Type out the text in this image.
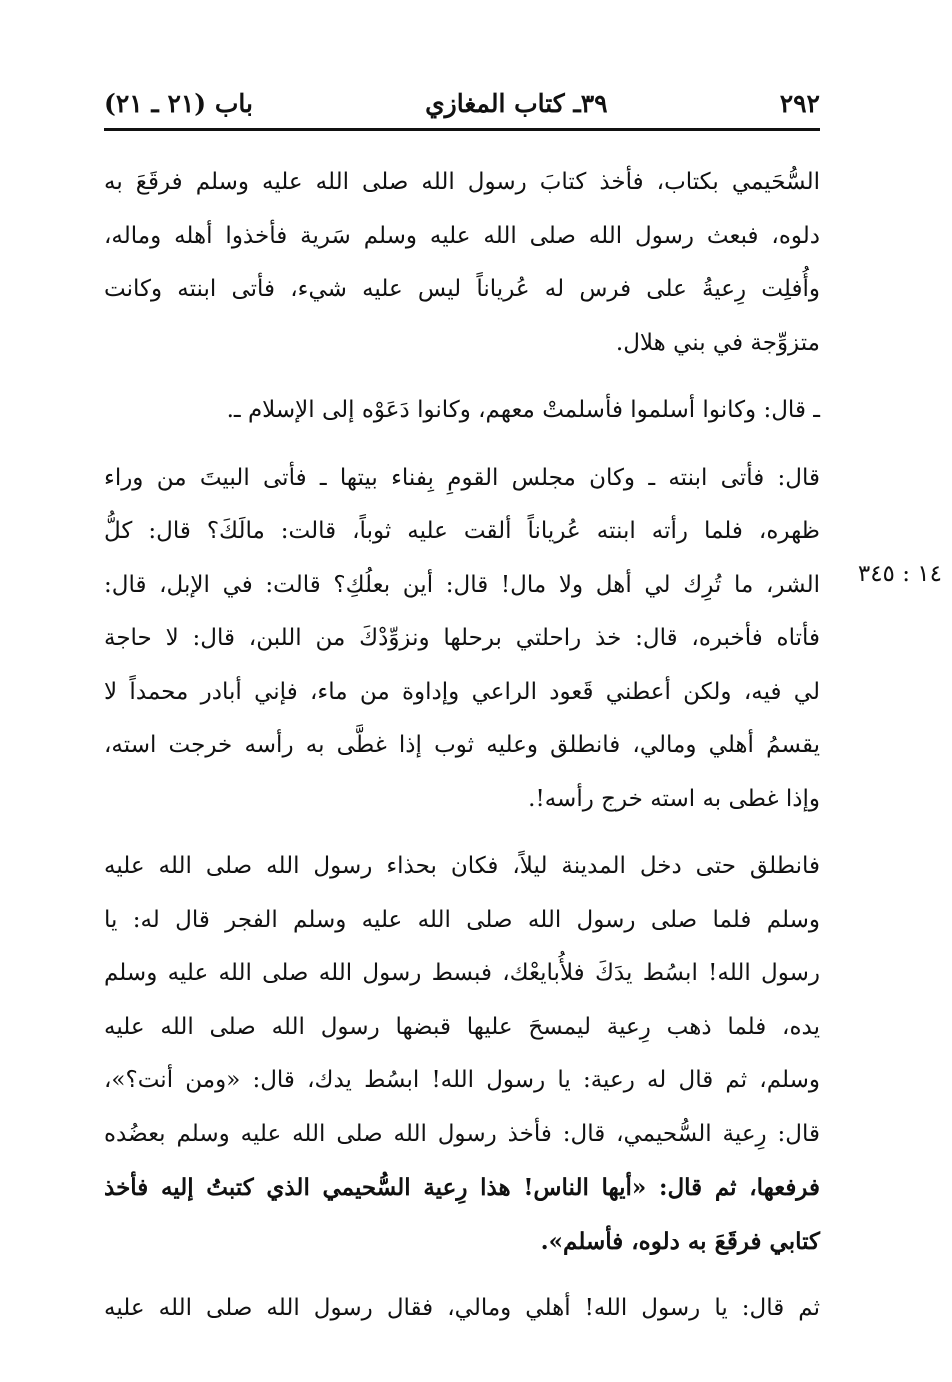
٢٩٢
٣٩ـ كتاب المغازي
باب (٢١ ـ ٢١)
١٤ : ٣٤٥
السُّحَيمي بكتاب، فأخذ كتابَ رسول الله صلى الله عليه وسلم فرقَعَ به
دلوه، فبعث رسول الله صلى الله عليه وسلم سَرية فأخذوا أهله وماله،
وأُفلِت رِعيةُ على فرس له عُرياناً ليس عليه شيء، فأتى ابنته وكانت
متزوِّجة في بني هلال.
ـ قال: وكانوا أسلموا فأسلمتْ معهم، وكانوا دَعَوْه إلى الإسلام ـ.
قال: فأتى ابنته ـ وكان مجلس القومِ بِفناء بيتها ـ فأتى البيتَ من وراء
ظهره، فلما رأته ابنته عُرياناً ألقت عليه ثوباً، قالت: مالَكَ؟ قال: كلُّ
الشر، ما تُرِك لي أهل ولا مال! قال: أين بعلُكِ؟ قالت: في الإبل، قال:
فأتاه فأخبره، قال: خذ راحلتي برحلها ونزوِّدْكَ من اللبن، قال: لا حاجة
لي فيه، ولكن أعطني قَعود الراعي وإداوة من ماء، فإني أبادر محمداً لا
يقسمُ أهلي ومالي، فانطلق وعليه ثوب إذا غطَّى به رأسه خرجت استه،
وإذا غطى به استه خرج رأسه!.
فانطلق حتى دخل المدينة ليلاً، فكان بحذاء رسول الله صلى الله عليه
وسلم فلما صلى رسول الله صلى الله عليه وسلم الفجر قال له: يا
رسول الله! ابسُط يدَكَ فلأُبايعْك، فبسط رسول الله صلى الله عليه وسلم
يده، فلما ذهب رِعية ليمسحَ عليها قبضها رسول الله صلى الله عليه
وسلم، ثم قال له رعية: يا رسول الله! ابسُط يدك، قال: «ومن أنت؟»،
قال: رِعية السُّحيمي، قال: فأخذ رسول الله صلى الله عليه وسلم بعضُده
فرفعها، ثم قال: «أيها الناس! هذا رِعية السُّحيمي الذي كتبتُ إليه فأخذ
كتابي فرقَعَ به دلوه، فأسلم».
ثم قال: يا رسول الله! أهلي ومالي، فقال رسول الله صلى الله عليه
